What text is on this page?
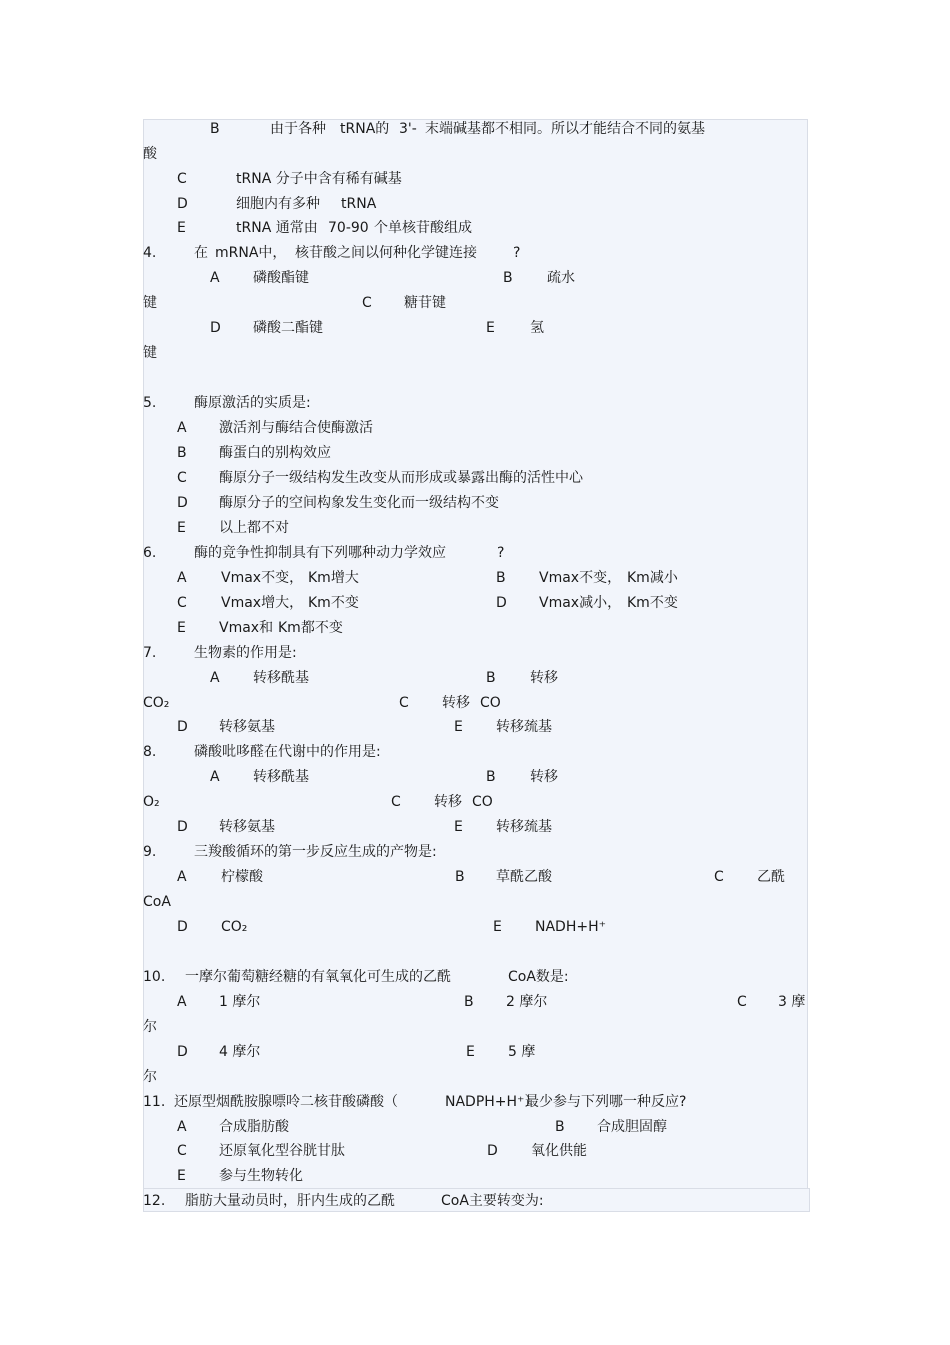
B	由于各种 tRNA的 3'- 末端碱基都不相同。所以才能结合不同的氨基
酸
C	tRNA 分子中含有稀有碱基
D	细胞内有多种 tRNA
E	tRNA 通常由 70-90 个单核苷酸组成
4.	在 mRNA中， 核苷酸之间以何种化学键连接	?
A 磷酸酯键	B 疏水
键	C 糖苷键
D 磷酸二酯键	E	氢
键
5.	酶原激活的实质是:
A 激活剂与酶结合使酶激活
B 酶蛋白的别构效应
C 酶原分子一级结构发生改变从而形成或暴露出酶的活性中心
D 酶原分子的空间构象发生变化而一级结构不变
E 以上都不对
6.	酶的竞争性抑制具有下列哪种动力学效应	?
A Vmax不变， Km增大	B Vmax不变， Km减小
C Vmax增大， Km不变	D Vmax减小， Km不变
E Vmax和 Km都不变
7.	生物素的作用是:
A 转移酰基	B 转移
CO₂	C 转移 CO
D 转移氨基	E 转移巯基
8.	磷酸吡哆醛在代谢中的作用是:
A 转移酰基	B 转移
O₂	C 转移 CO
D 转移氨基	E 转移巯基
9.	三羧酸循环的第一步反应生成的产物是:
A 柠檬酸	B 草酰乙酸	C 乙酰
CoA
D CO₂	E NADH+H⁺
10. 一摩尔葡萄糖经糖的有氧氧化可生成的乙酰	CoA数是:
A 1 摩尔	B 2 摩尔	C 3 摩
尔
D 4 摩尔	E 5 摩
尔
11. 还原型烟酰胺腺嘌呤二核苷酸磷酸（	NADPH+H⁺）
最少参与下列哪一种反应?
A 合成脂肪酸	B 合成胆固醇
C 还原氧化型谷胱甘肽	D 氧化供能
E 参与生物转化
12. 脂肪大量动员时，肝内生成的乙酰	CoA主要转变为:
